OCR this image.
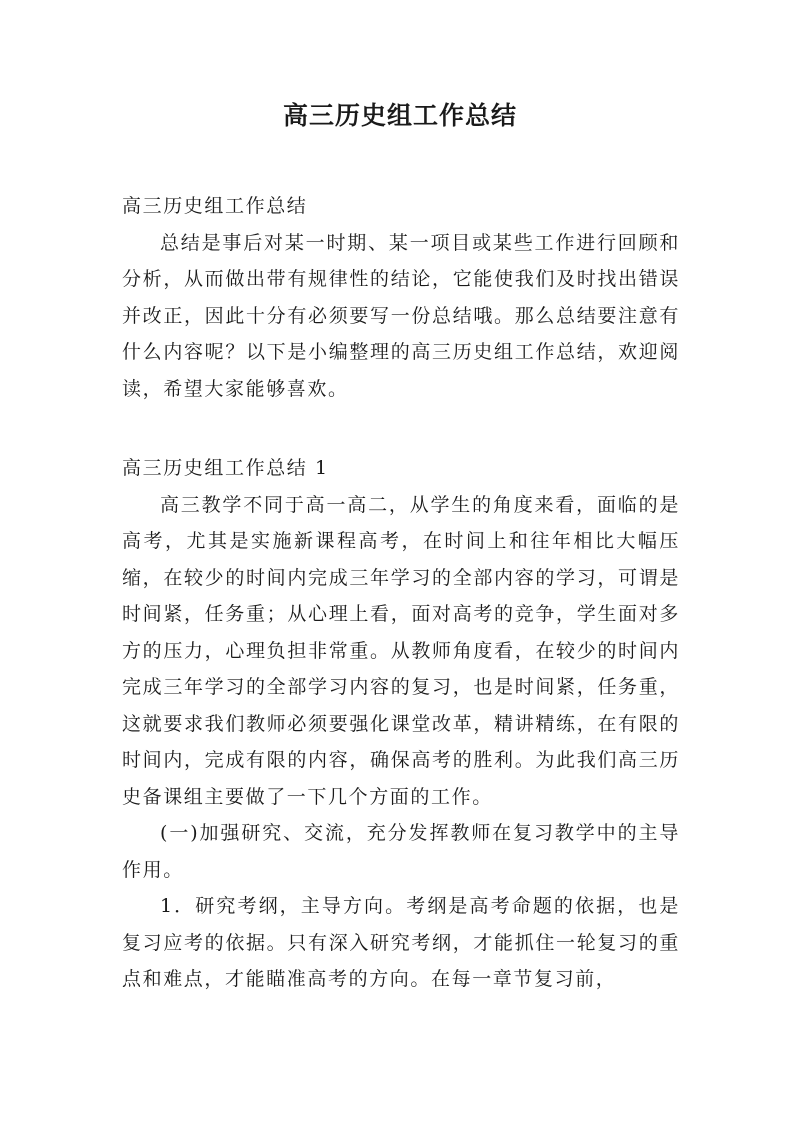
高三历史组工作总结

高三历史组工作总结

总结是事后对某一时期、某一项目或某些工作进行回顾和分析，从而做出带有规律性的结论，它能使我们及时找出错误并改正，因此十分有必须要写一份总结哦。那么总结要注意有什么内容呢？以下是小编整理的高三历史组工作总结，欢迎阅读，希望大家能够喜欢。

高三历史组工作总结 1

高三教学不同于高一高二，从学生的角度来看，面临的是高考，尤其是实施新课程高考，在时间上和往年相比大幅压缩，在较少的时间内完成三年学习的全部内容的学习，可谓是时间紧，任务重；从心理上看，面对高考的竞争，学生面对多方的压力，心理负担非常重。从教师角度看，在较少的时间内完成三年学习的全部学习内容的复习，也是时间紧，任务重，这就要求我们教师必须要强化课堂改革，精讲精练，在有限的时间内，完成有限的内容，确保高考的胜利。为此我们高三历史备课组主要做了一下几个方面的工作。

(一)加强研究、交流，充分发挥教师在复习教学中的主导作用。

1．研究考纲，主导方向。考纲是高考命题的依据，也是复习应考的依据。只有深入研究考纲，才能抓住一轮复习的重点和难点，才能瞄准高考的方向。在每一章节复习前，
